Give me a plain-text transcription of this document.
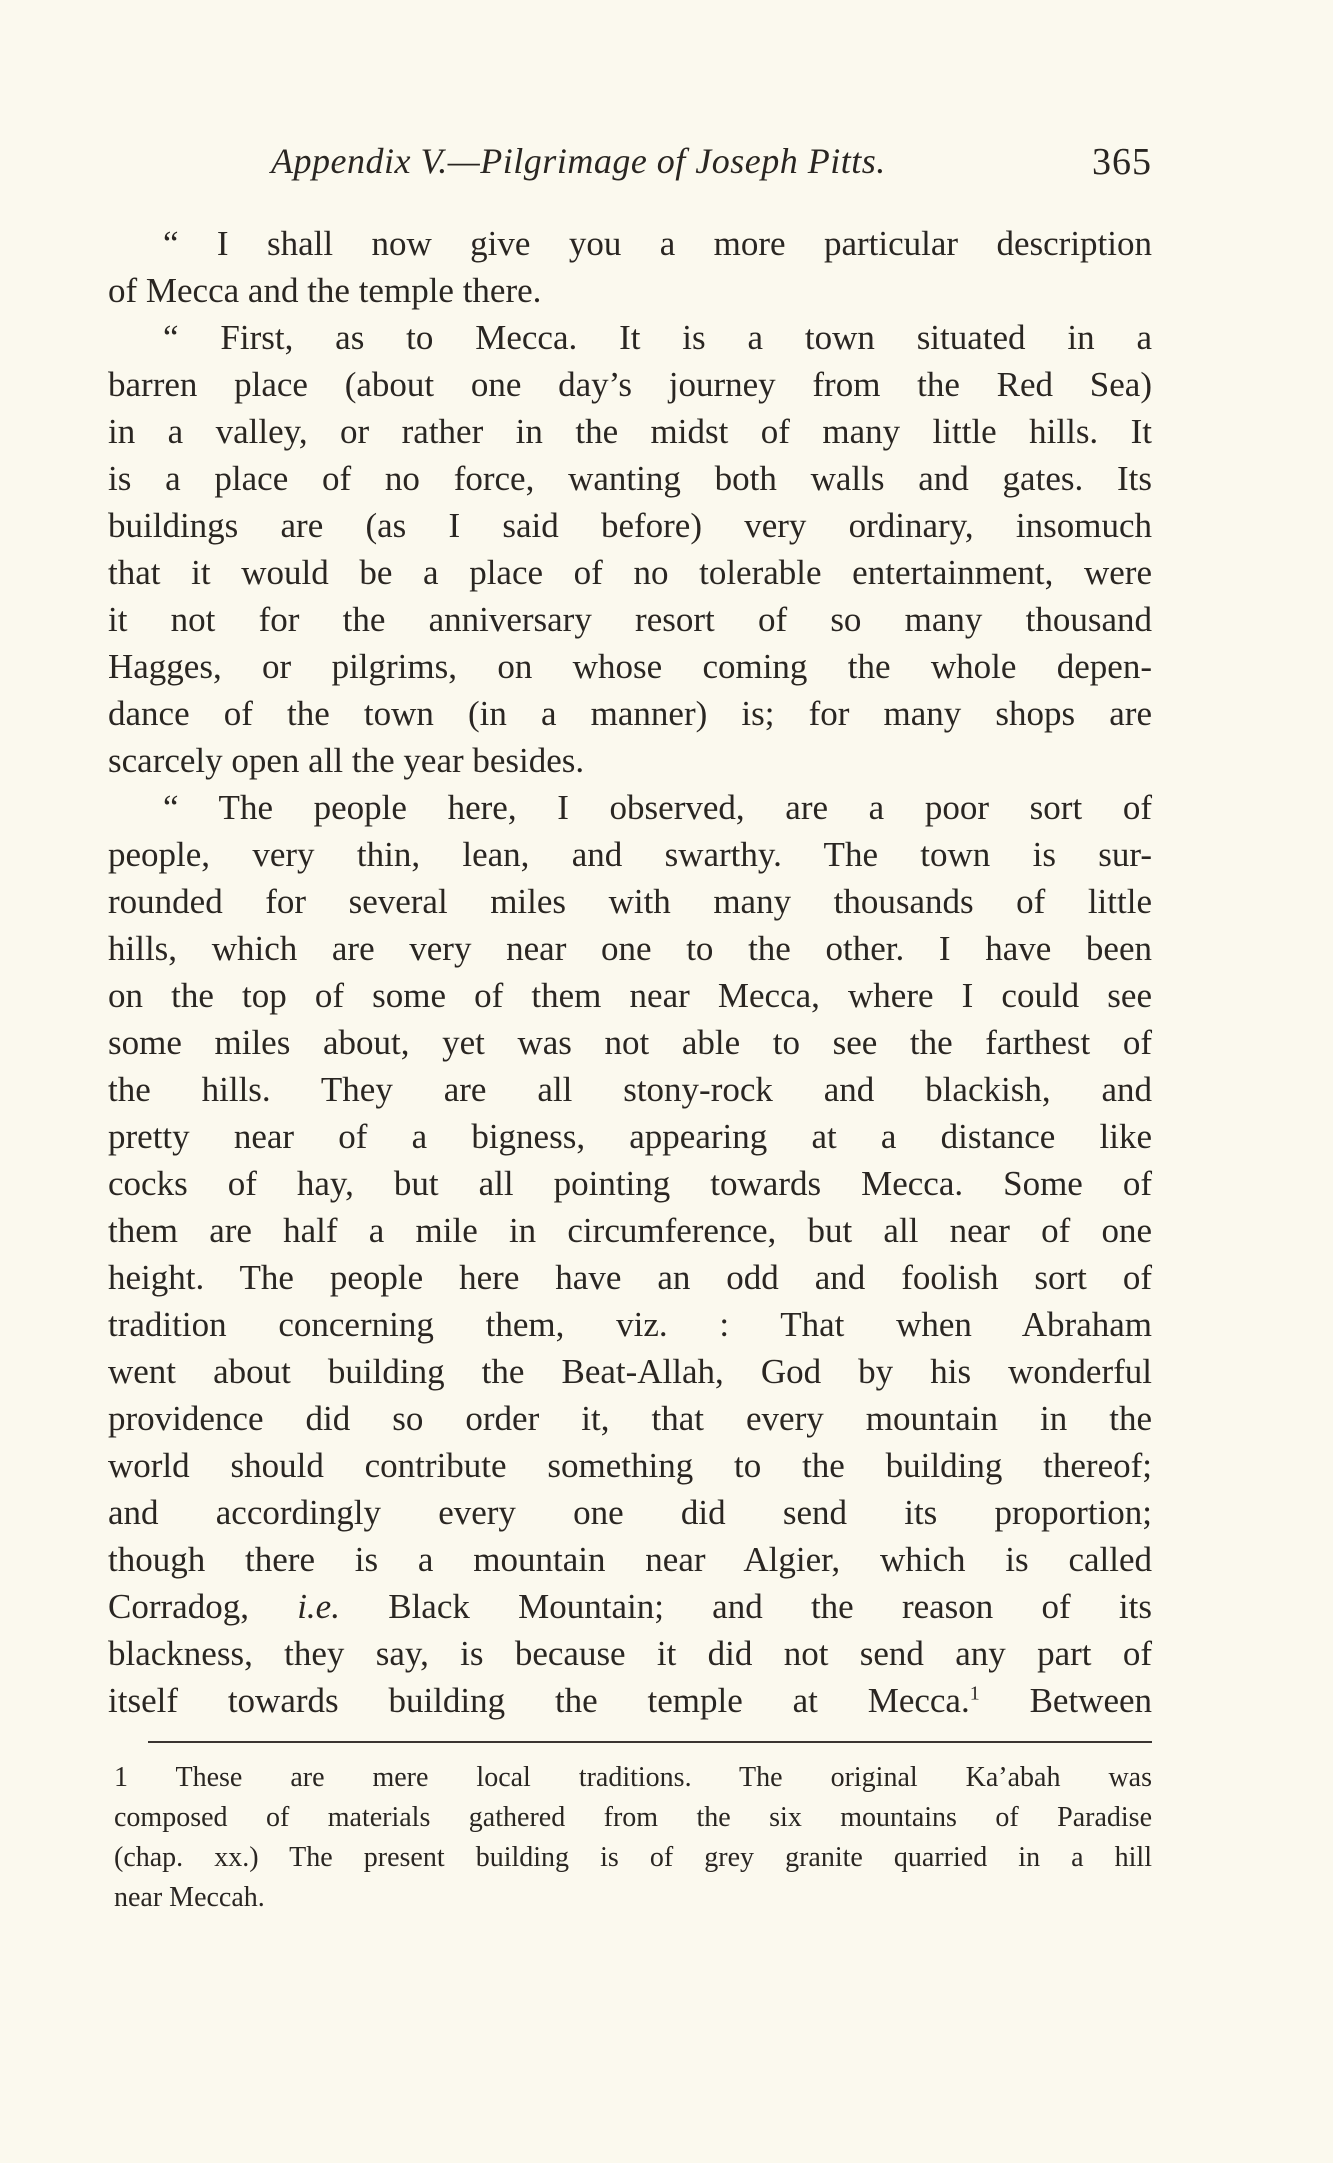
Appendix V.—Pilgrimage of Joseph Pitts.	365
“ I shall now give you a more particular description
of Mecca and the temple there.
“ First, as to Mecca. It is a town situated in a
barren place (about one day’s journey from the Red Sea)
in a valley, or rather in the midst of many little hills. It
is a place of no force, wanting both walls and gates. Its
buildings are (as I said before) very ordinary, insomuch
that it would be a place of no tolerable entertainment, were
it not for the anniversary resort of so many thousand
Hagges, or pilgrims, on whose coming the whole depen-
dance of the town (in a manner) is; for many shops are
scarcely open all the year besides.
“ The people here, I observed, are a poor sort of
people, very thin, lean, and swarthy. The town is sur-
rounded for several miles with many thousands of little
hills, which are very near one to the other. I have been
on the top of some of them near Mecca, where I could see
some miles about, yet was not able to see the farthest of
the hills. They are all stony-rock and blackish, and
pretty near of a bigness, appearing at a distance like
cocks of hay, but all pointing towards Mecca. Some of
them are half a mile in circumference, but all near of one
height. The people here have an odd and foolish sort of
tradition concerning them, viz. : That when Abraham
went about building the Beat-Allah, God by his wonderful
providence did so order it, that every mountain in the
world should contribute something to the building thereof;
and accordingly every one did send its proportion;
though there is a mountain near Algier, which is called
Corradog, i.e. Black Mountain; and the reason of its
blackness, they say, is because it did not send any part of
itself towards building the temple at Mecca.$^1$ Between
1 These are mere local traditions. The original Ka’abah was
composed of materials gathered from the six mountains of Paradise
(chap. xx.) The present building is of grey granite quarried in a hill
near Meccah.
